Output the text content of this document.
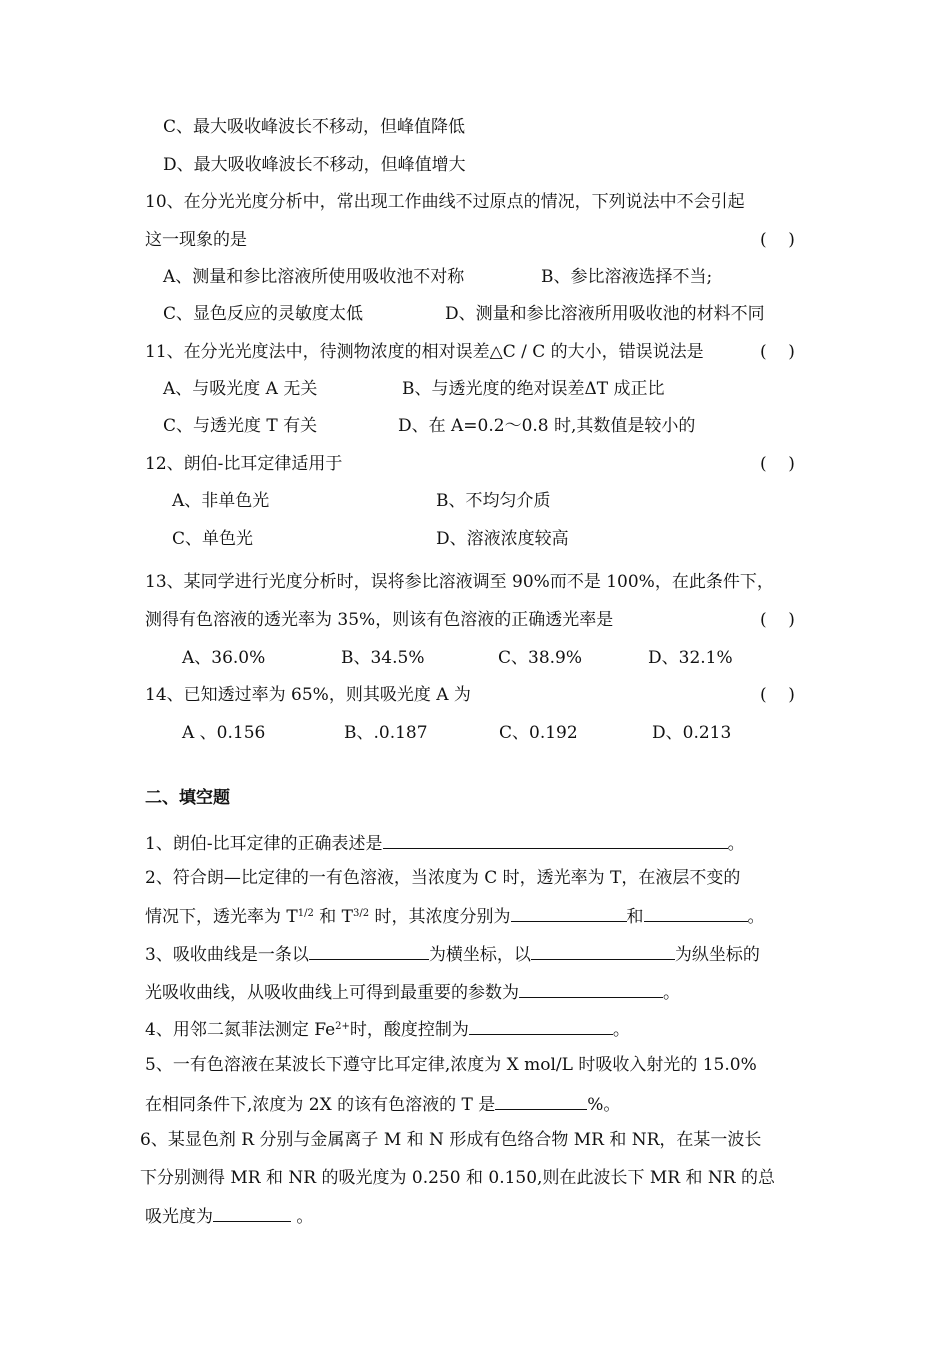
C、最大吸收峰波长不移动，但峰值降低
D、最大吸收峰波长不移动，但峰值增大
10、在分光光度分析中，常出现工作曲线不过原点的情况，下列说法中不会引起
这一现象的是	(    )
A、测量和参比溶液所使用吸收池不对称	B、参比溶液选择不当;
C、显色反应的灵敏度太低	D、测量和参比溶液所用吸收池的材料不同
11、在分光光度法中，待测物浓度的相对误差△C / C 的大小，错误说法是	(    )
A、与吸光度 A 无关	B、与透光度的绝对误差ΔT 成正比
C、与透光度 T 有关	D、在 A=0.2～0.8 时,其数值是较小的
12、朗伯-比耳定律适用于	(    )
A、非单色光	B、不均匀介质
C、单色光	D、溶液浓度较高
13、某同学进行光度分析时，误将参比溶液调至 90%而不是 100%，在此条件下，
测得有色溶液的透光率为 35%，则该有色溶液的正确透光率是	(    )
A、36.0%	B、34.5%	C、38.9%	D、32.1%
14、已知透过率为 65%，则其吸光度 A 为	(    )
A 、0.156	B、.0.187	C、0.192	D、0.213
二、填空题
1、朗伯-比耳定律的正确表述是	。
2、符合朗—比定律的一有色溶液，当浓度为 C 时，透光率为 T，在液层不变的
情况下，透光率为 $T^{1/2}$ 和 $T^{3/2}$ 时，其浓度分别为	和	。
3、吸收曲线是一条以	为横坐标，以	为纵坐标的
光吸收曲线，从吸收曲线上可得到最重要的参数为	。
4、用邻二氮菲法测定 $Fe^{2+}$时，酸度控制为	。
5、一有色溶液在某波长下遵守比耳定律,浓度为 X mol/L 时吸收入射光的 15.0%
在相同条件下,浓度为 2X 的该有色溶液的 T 是	%。
6、某显色剂 R 分别与金属离子 M 和 N 形成有色络合物 MR 和 NR，在某一波长
下分别测得 MR 和 NR 的吸光度为 0.250 和 0.150,则在此波长下 MR 和 NR 的总
吸光度为	。
